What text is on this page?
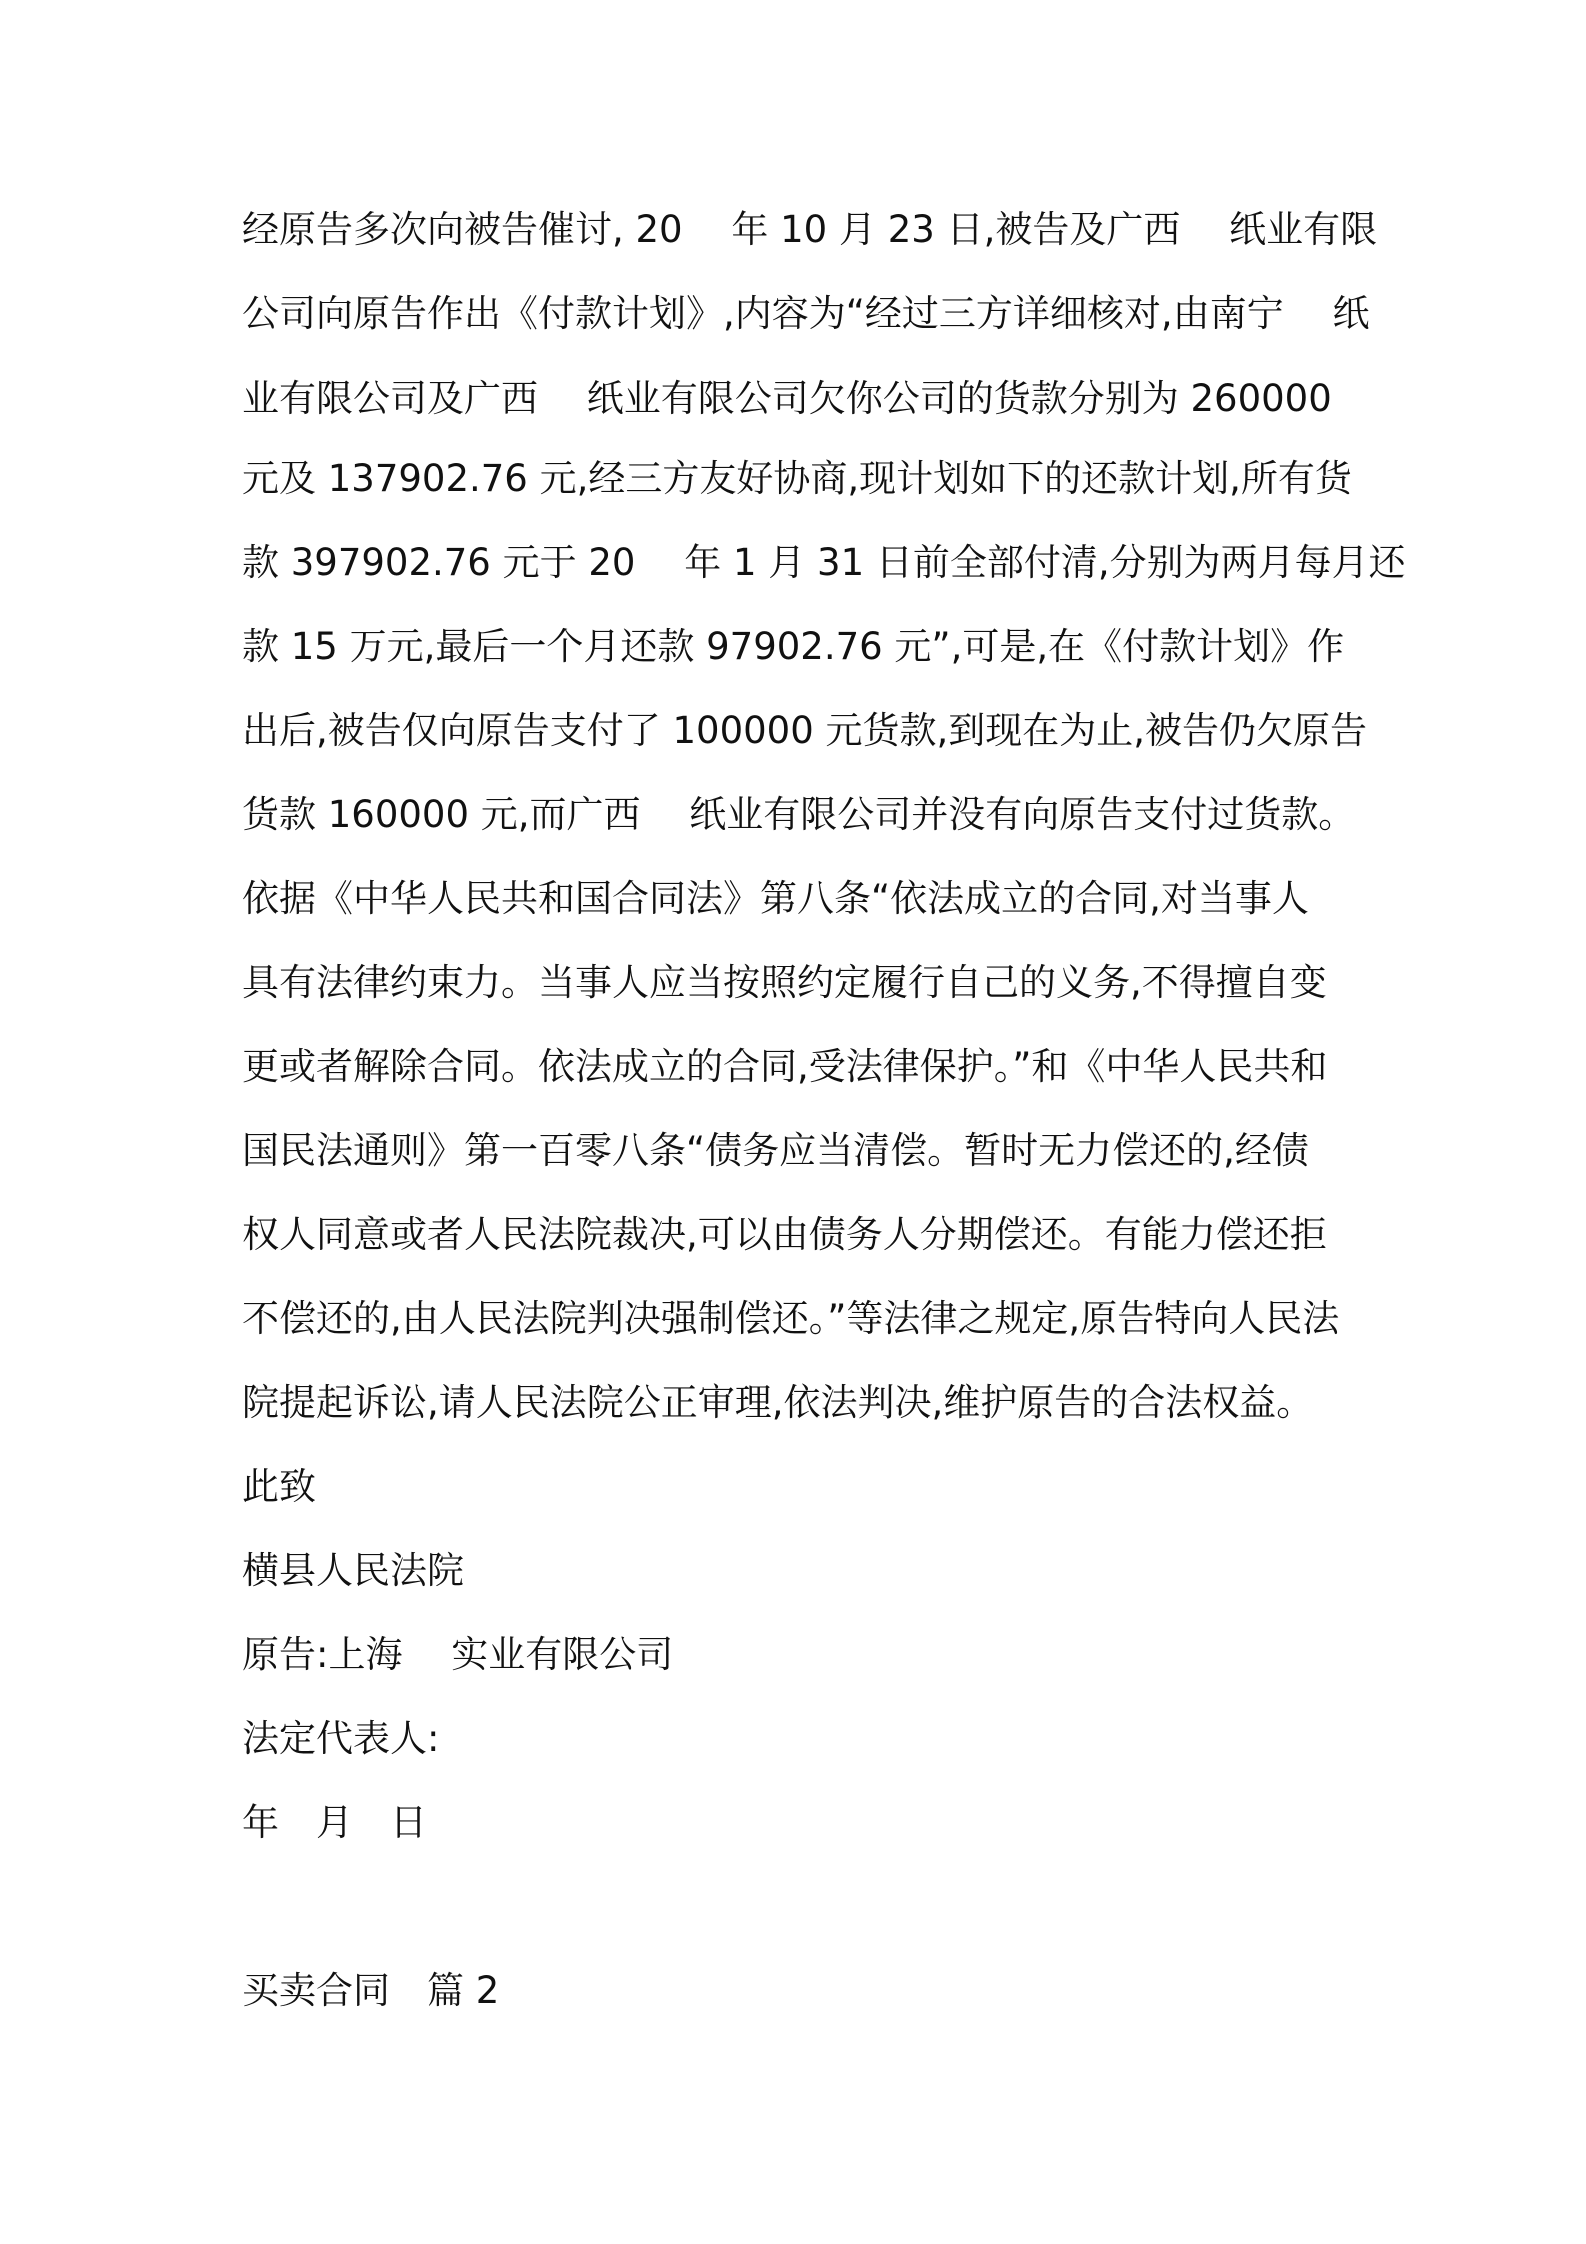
经原告多次向被告催讨, 20　 年 10 月 23 日,被告及广西　 纸业有限

公司向原告作出《付款计划》,内容为“经过三方详细核对,由南宁　 纸

业有限公司及广西　 纸业有限公司欠你公司的货款分别为 260000

元及 137902.76 元,经三方友好协商,现计划如下的还款计划,所有货

款 397902.76 元于 20　 年 1 月 31 日前全部付清,分别为两月每月还

款 15 万元,最后一个月还款 97902.76 元”,可是,在《付款计划》作

出后,被告仅向原告支付了 100000 元货款,到现在为止,被告仍欠原告

货款 160000 元,而广西　 纸业有限公司并没有向原告支付过货款。

依据《中华人民共和国合同法》第八条“依法成立的合同,对当事人

具有法律约束力。当事人应当按照约定履行自己的义务,不得擅自变

更或者解除合同。依法成立的合同,受法律保护。”和《中华人民共和

国民法通则》第一百零八条“债务应当清偿。暂时无力偿还的,经债

权人同意或者人民法院裁决,可以由债务人分期偿还。有能力偿还拒

不偿还的,由人民法院判决强制偿还。”等法律之规定,原告特向人民法

院提起诉讼,请人民法院公正审理,依法判决,维护原告的合法权益。

此致

横县人民法院

原告:上海　 实业有限公司

法定代表人:

年　月　日

买卖合同　篇 2
